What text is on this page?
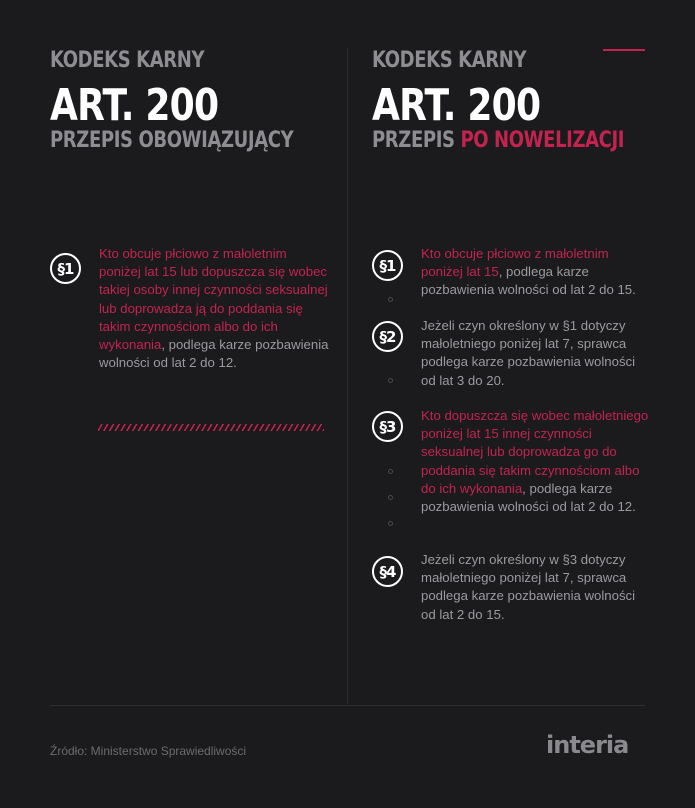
KODEKS KARNY
ART. 200
PRZEPIS OBOWIĄZUJĄCY
§1
Kto obcuje płciowo z małoletnim poniżej lat 15 lub dopuszcza się wobec takiej osoby innej czynności seksualnej lub doprowadza ją do poddania się takim czynnościom albo do ich wykonania, podlega karze pozbawienia wolności od lat 2 do 12.
KODEKS KARNY
ART. 200
PRZEPIS PO NOWELIZACJI
§1
Kto obcuje płciowo z małoletnim poniżej lat 15, podlega karze pozbawienia wolności od lat 2 do 15.
§2
Jeżeli czyn określony w §1 dotyczy małoletniego poniżej lat 7, sprawca podlega karze pozbawienia wolności od lat 3 do 20.
§3
Kto dopuszcza się wobec małoletniego poniżej lat 15 innej czynności seksualnej lub doprowadza go do poddania się takim czynnościom albo do ich wykonania, podlega karze pozbawienia wolności od lat 2 do 12.
§4
Jeżeli czyn określony w §3 dotyczy małoletniego poniżej lat 7, sprawca podlega karze pozbawienia wolności od lat 2 do 15.
Źródło: Ministerstwo Sprawiedliwości	interia
